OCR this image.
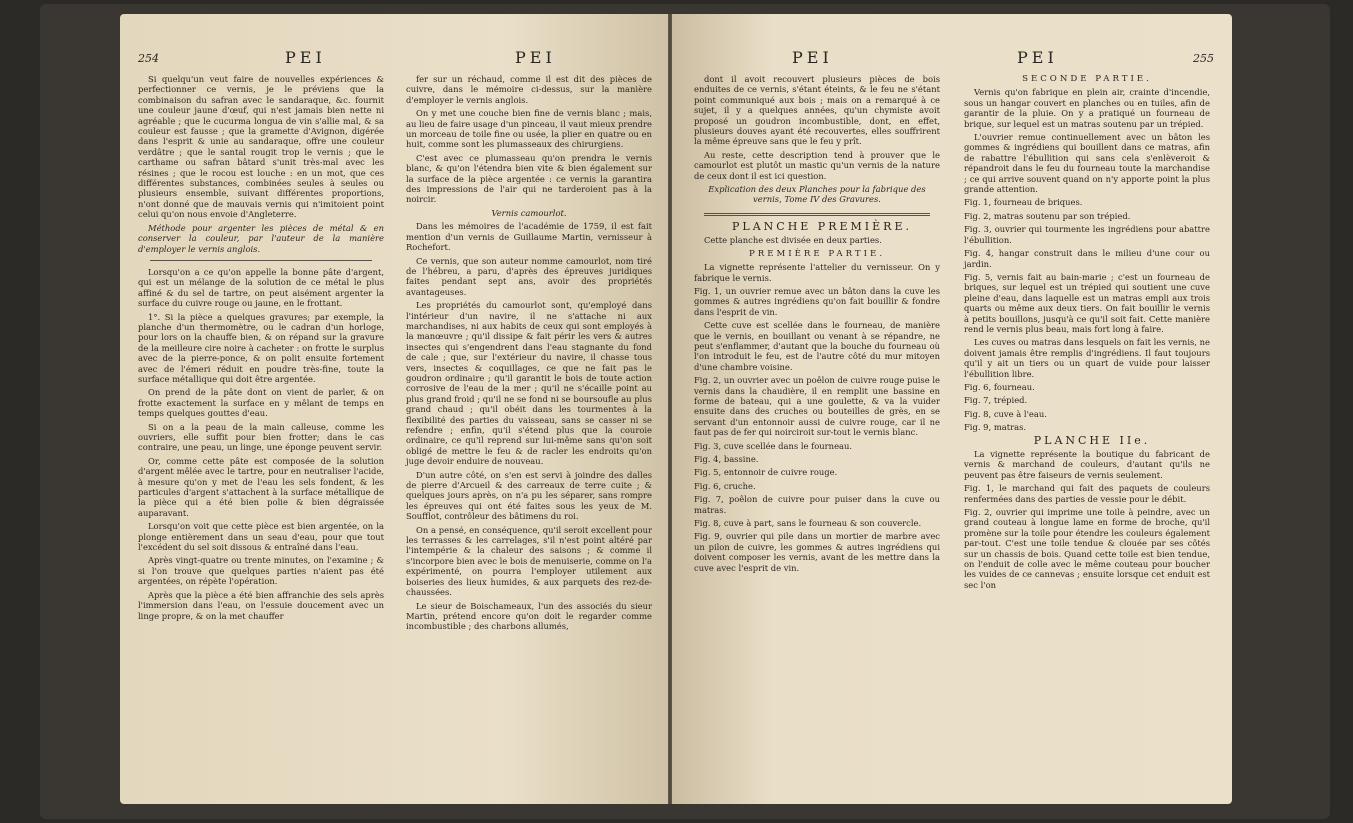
254	PEI	PEI

Si quelqu'un veut faire de nouvelles expériences & perfectionner ce vernis, je le préviens que la combinaison du safran avec le sandaraque, &c. fournit une couleur jaune d'œuf, qui n'est jamais bien nette ni agréable ; que le cucurma longua de vin s'allie mal, & sa couleur est fausse ; que la gramette d'Avignon, digérée dans l'esprit & unie au sandaraque, offre une couleur verdâtre ; que le santal rougit trop le vernis ; que le carthame ou safran bâtard s'unit très-mal avec les résines ; que le rocou est louche : en un mot, que ces différentes substances, combinées seules à seules ou plusieurs ensemble, suivant différentes proportions, n'ont donné que de mauvais vernis qui n'imitoient point celui qu'on nous envoie d'Angleterre.

Méthode pour argenter les pièces de métal & en conserver la couleur, par l'auteur de la manière d'employer le vernis anglois.

Lorsqu'on a ce qu'on appelle la bonne pâte d'argent, qui est un mélange de la solution de ce métal le plus affiné & du sel de tartre, on peut aisément argenter la surface du cuivre rouge ou jaune, en le frottant.

1°. Si la pièce a quelques gravures; par exemple, la planche d'un thermomètre, ou le cadran d'un horloge, pour lors on la chauffe bien, & on répand sur la gravure de la meilleure cire noire à cacheter : on frotte le surplus avec de la pierre-ponce, & on polit ensuite fortement avec de l'émeri réduit en poudre très-fine, toute la surface métallique qui doit être argentée.

On prend de la pâte dont on vient de parler, & on frotte exactement la surface en y mêlant de temps en temps quelques gouttes d'eau.

Si on a la peau de la main calleuse, comme les ouvriers, elle suffit pour bien frotter; dans le cas contraire, une peau, un linge, une éponge peuvent servir.

Or, comme cette pâte est composée de la solution d'argent mêlée avec le tartre, pour en neutraliser l'acide, à mesure qu'on y met de l'eau les sels fondent, & les particules d'argent s'attachent à la surface métallique de la pièce qui a été bien polie & bien dégraissée auparavant.

Lorsqu'on voit que cette pièce est bien argentée, on la plonge entièrement dans un seau d'eau, pour que tout l'excédent du sel soit dissous & entraîné dans l'eau.

Après vingt-quatre ou trente minutes, on l'examine ; & si l'on trouve que quelques parties n'aient pas été argentées, on répète l'opération.

Après que la pièce a été bien affranchie des sels après l'immersion dans l'eau, on l'essuie doucement avec un linge propre, & on la met chauffer

fer sur un réchaud, comme il est dit des pièces de cuivre, dans le mémoire ci-dessus, sur la manière d'employer le vernis anglois.

On y met une couche bien fine de vernis blanc ; mais, au lieu de faire usage d'un pinceau, il vaut mieux prendre un morceau de toile fine ou usée, la plier en quatre ou en huit, comme sont les plumasseaux des chirurgiens.

C'est avec ce plumasseau qu'on prendra le vernis blanc, & qu'on l'étendra bien vite & bien également sur la surface de la pièce argentée : ce vernis la garantira des impressions de l'air qui ne tarderoient pas à la noircir.

Vernis camourlot.

Dans les mémoires de l'académie de 1759, il est fait mention d'un vernis de Guillaume Martin, vernisseur à Rochefort.

Ce vernis, que son auteur nomme camourlot, nom tiré de l'hébreu, a paru, d'après des épreuves juridiques faites pendant sept ans, avoir des propriétés avantageuses.

Les propriétés du camourlot sont, qu'employé dans l'intérieur d'un navire, il ne s'attache ni aux marchandises, ni aux habits de ceux qui sont employés à la manœuvre ; qu'il dissipe & fait périr les vers & autres insectes qui s'engendrent dans l'eau stagnante du fond de cale ; que, sur l'extérieur du navire, il chasse tous vers, insectes & coquillages, ce que ne fait pas le goudron ordinaire ; qu'il garantit le bois de toute action corrosive de l'eau de la mer ; qu'il ne s'écaille point au plus grand froid ; qu'il ne se fond ni se boursoufle au plus grand chaud ; qu'il obéit dans les tourmentes à la flexibilité des parties du vaisseau, sans se casser ni se refendre ; enfin, qu'il s'étend plus que la couroie ordinaire, ce qu'il reprend sur lui-même sans qu'on soit obligé de mettre le feu & de racler les endroits qu'on juge devoir enduire de nouveau.

D'un autre côté, on s'en est servi à joindre des dalles de pierre d'Arcueil & des carreaux de terre cuite ; & quelques jours après, on n'a pu les séparer, sans rompre les épreuves qui ont été faites sous les yeux de M. Soufflot, contrôleur des bâtimens du roi.

On a pensé, en conséquence, qu'il seroit excellent pour les terrasses & les carrelages, s'il n'est point altéré par l'intempérie & la chaleur des saisons ; & comme il s'incorpore bien avec le bois de menuiserie, comme on l'a expérimenté, on pourra l'employer utilement aux boiseries des lieux humides, & aux parquets des rez-de-chaussées.

Le sieur de Boischameaux, l'un des associés du sieur Martin, prétend encore qu'on doit le regarder comme incombustible ; des charbons allumés,

PEI	PEI	255

dont il avoit recouvert plusieurs pièces de bois enduites de ce vernis, s'étant éteints, & le feu ne s'étant point communiqué aux bois ; mais on a remarqué à ce sujet, il y a quelques années, qu'un chymiste avoit proposé un goudron incombustible, dont, en effet, plusieurs douves ayant été recouvertes, elles souffrirent la même épreuve sans que le feu y prît.

Au reste, cette description tend à prouver que le camourlot est plutôt un mastic qu'un vernis de la nature de ceux dont il est ici question.

Explication des deux Planches pour la fabrique des vernis, Tome IV des Gravures.

PLANCHE PREMIÈRE.

Cette planche est divisée en deux parties.

PREMIÈRE PARTIE.

La vignette représente l'attelier du vernisseur. On y fabrique le vernis.

Fig. 1, un ouvrier remue avec un bâton dans la cuve les gommes & autres ingrédiens qu'on fait bouillir & fondre dans l'esprit de vin.

Cette cuve est scellée dans le fourneau, de manière que le vernis, en bouillant ou venant à se répandre, ne peut s'enflammer, d'autant que la bouche du fourneau où l'on introduit le feu, est de l'autre côté du mur mitoyen d'une chambre voisine.

Fig. 2, un ouvrier avec un poêlon de cuivre rouge puise le vernis dans la chaudière, il en remplit une bassine en forme de bateau, qui a une goulette, & va la vuider ensuite dans des cruches ou bouteilles de grès, en se servant d'un entonnoir aussi de cuivre rouge, car il ne faut pas de fer qui noirciroit sur-tout le vernis blanc.

Fig. 3, cuve scellée dans le fourneau.

Fig. 4, bassine.

Fig. 5, entonnoir de cuivre rouge.

Fig. 6, cruche.

Fig. 7, poêlon de cuivre pour puiser dans la cuve ou matras.

Fig. 8, cuve à part, sans le fourneau & son couvercle.

Fig. 9, ouvrier qui pile dans un mortier de marbre avec un pilon de cuivre, les gommes & autres ingrédiens qui doivent composer les vernis, avant de les mettre dans la cuve avec l'esprit de vin.

SECONDE PARTIE.

Vernis qu'on fabrique en plein air, crainte d'incendie, sous un hangar couvert en planches ou en tuiles, afin de garantir de la pluie. On y a pratiqué un fourneau de brique, sur lequel est un matras soutenu par un trépied.

L'ouvrier remue continuellement avec un bâton les gommes & ingrédiens qui bouillent dans ce matras, afin de rabattre l'ébullition qui sans cela s'enlèveroit & répandroit dans le feu du fourneau toute la marchandise ; ce qui arrive souvent quand on n'y apporte point la plus grande attention.

Fig. 1, fourneau de briques.

Fig. 2, matras soutenu par son trépied.

Fig. 3, ouvrier qui tourmente les ingrédiens pour abattre l'ébullition.

Fig. 4, hangar construit dans le milieu d'une cour ou jardin.

Fig. 5, vernis fait au bain-marie ; c'est un fourneau de briques, sur lequel est un trépied qui soutient une cuve pleine d'eau, dans laquelle est un matras empli aux trois quarts ou même aux deux tiers. On fait bouillir le vernis à petits bouillons, jusqu'à ce qu'il soit fait. Cette manière rend le vernis plus beau, mais fort long à faire.

Les cuves ou matras dans lesquels on fait les vernis, ne doivent jamais être remplis d'ingrédiens. Il faut toujours qu'il y ait un tiers ou un quart de vuide pour laisser l'ébullition libre.

Fig. 6, fourneau.

Fig. 7, trépied.

Fig. 8, cuve à l'eau.

Fig. 9, matras.

PLANCHE IIe.

La vignette représente la boutique du fabricant de vernis & marchand de couleurs, d'autant qu'ils ne peuvent pas être faiseurs de vernis seulement.

Fig. 1, le marchand qui fait des paquets de couleurs renfermées dans des parties de vessie pour le débit.

Fig. 2, ouvrier qui imprime une toile à peindre, avec un grand couteau à longue lame en forme de broche, qu'il promène sur la toile pour étendre les couleurs également par-tout. C'est une toile tendue & clouée par ses côtés sur un chassis de bois. Quand cette toile est bien tendue, on l'enduit de colle avec le même couteau pour boucher les vuides de ce cannevas ; ensuite lorsque cet enduit est sec l'on
